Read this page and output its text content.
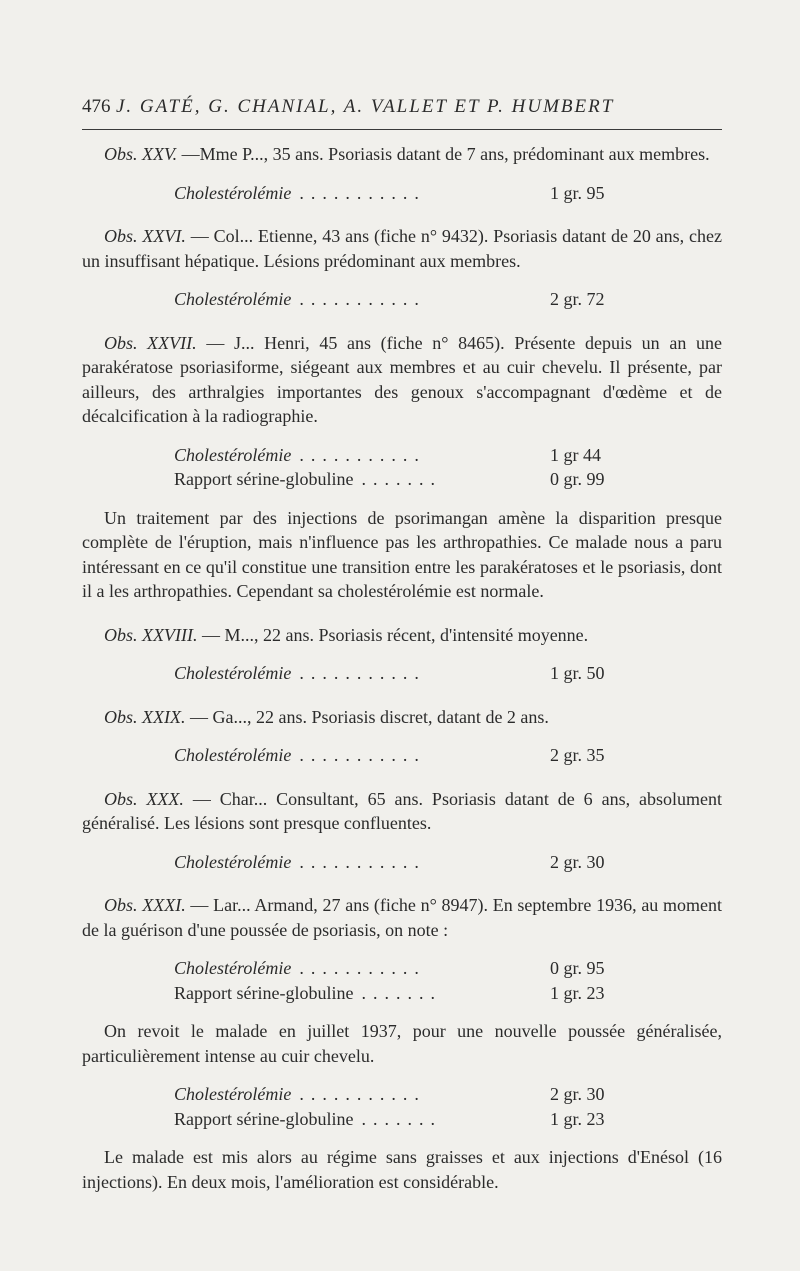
476 J. GATÉ, G. CHANIAL, A. VALLET ET P. HUMBERT

Obs. XXV. —Mme P..., 35 ans. Psoriasis datant de 7 ans, prédominant aux membres.

Cholestérolémie ...........	1 gr. 95

Obs. XXVI. — Col... Etienne, 43 ans (fiche n° 9432). Psoriasis datant de 20 ans, chez un insuffisant hépatique. Lésions prédominant aux membres.

Cholestérolémie ...........	2 gr. 72

Obs. XXVII. — J... Henri, 45 ans (fiche n° 8465). Présente depuis un an une parakératose psoriasiforme, siégeant aux membres et au cuir chevelu. Il présente, par ailleurs, des arthralgies importantes des genoux s'accompagnant d'œdème et de décalcification à la radiographie.

Cholestérolémie ...........	1 gr 44
Rapport sérine-globuline .......	0 gr. 99

Un traitement par des injections de psorimangan amène la disparition presque complète de l'éruption, mais n'influence pas les arthropathies. Ce malade nous a paru intéressant en ce qu'il constitue une transition entre les parakératoses et le psoriasis, dont il a les arthropathies. Cependant sa cholestérolémie est normale.

Obs. XXVIII. — M..., 22 ans. Psoriasis récent, d'intensité moyenne.

Cholestérolémie ...........	1 gr. 50

Obs. XXIX. — Ga..., 22 ans. Psoriasis discret, datant de 2 ans.

Cholestérolémie ...........	2 gr. 35

Obs. XXX. — Char... Consultant, 65 ans. Psoriasis datant de 6 ans, absolument généralisé. Les lésions sont presque confluentes.

Cholestérolémie ...........	2 gr. 30

Obs. XXXI. — Lar... Armand, 27 ans (fiche n° 8947). En septembre 1936, au moment de la guérison d'une poussée de psoriasis, on note :

Cholestérolémie ...........	0 gr. 95
Rapport sérine-globuline .......	1 gr. 23

On revoit le malade en juillet 1937, pour une nouvelle poussée généralisée, particulièrement intense au cuir chevelu.

Cholestérolémie ...........	2 gr. 30
Rapport sérine-globuline .......	1 gr. 23

Le malade est mis alors au régime sans graisses et aux injections d'Enésol (16 injections). En deux mois, l'amélioration est considérable.
